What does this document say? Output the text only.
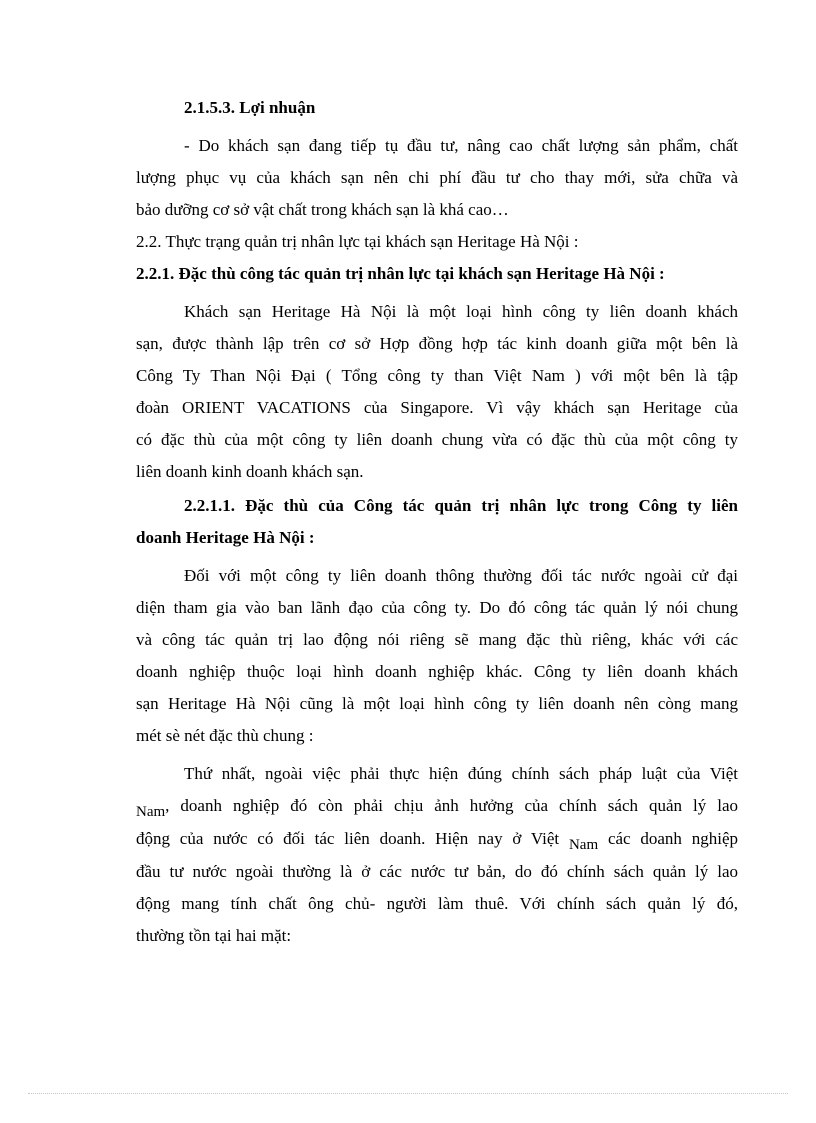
2.1.5.3. Lợi nhuận

- Do khách sạn đang tiếp tụ đầu tư, nâng cao chất lượng sản phẩm, chất
lượng phục vụ của khách sạn nên chi phí đầu tư cho thay mới, sửa chữa và
bảo dưỡng cơ sở vật chất trong khách sạn là khá cao…

2.2. Thực trạng quản trị nhân lực tại khách sạn Heritage Hà Nội :

2.2.1. Đặc thù công tác quản trị nhân lực tại khách sạn Heritage Hà Nội :

Khách sạn Heritage Hà Nội là một loại hình công ty liên doanh khách
sạn, được thành lập trên cơ sở Hợp đồng hợp tác kinh doanh giữa một bên là
Công Ty Than Nội Đại ( Tổng công ty than Việt Nam ) với một bên là tập
đoàn ORIENT VACATIONS của Singapore. Vì vậy khách sạn Heritage của
có đặc thù của một công ty liên doanh chung vừa có đặc thù của một công ty
liên doanh kinh doanh khách sạn.

2.2.1.1. Đặc thù của Công tác quản trị nhân lực trong Công ty liên
doanh Heritage Hà Nội :

Đối với một công ty liên doanh thông thường đối tác nước ngoài cử đại
diện tham gia vào ban lãnh đạo của công ty. Do đó công tác quản lý nói chung
và công tác quản trị lao động nói riêng sẽ mang đặc thù riêng, khác với các
doanh nghiệp thuộc loại hình doanh nghiệp khác. Công ty liên doanh khách
sạn Heritage Hà Nội cũng là một loại hình công ty liên doanh nên còng mang
mét sè nét đặc thù chung :

Thứ nhất, ngoài việc phải thực hiện đúng chính sách pháp luật của Việt
Nam, doanh nghiệp đó còn phải chịu ảnh hưởng của chính sách quản lý lao
động của nước có đối tác liên doanh. Hiện nay ở Việt Nam các doanh nghiệp
đầu tư nước ngoài thường là ở các nước tư bản, do đó chính sách quản lý lao
động mang tính chất ông chủ- người làm thuê. Với chính sách quản lý đó,
thường tồn tại hai mặt:
